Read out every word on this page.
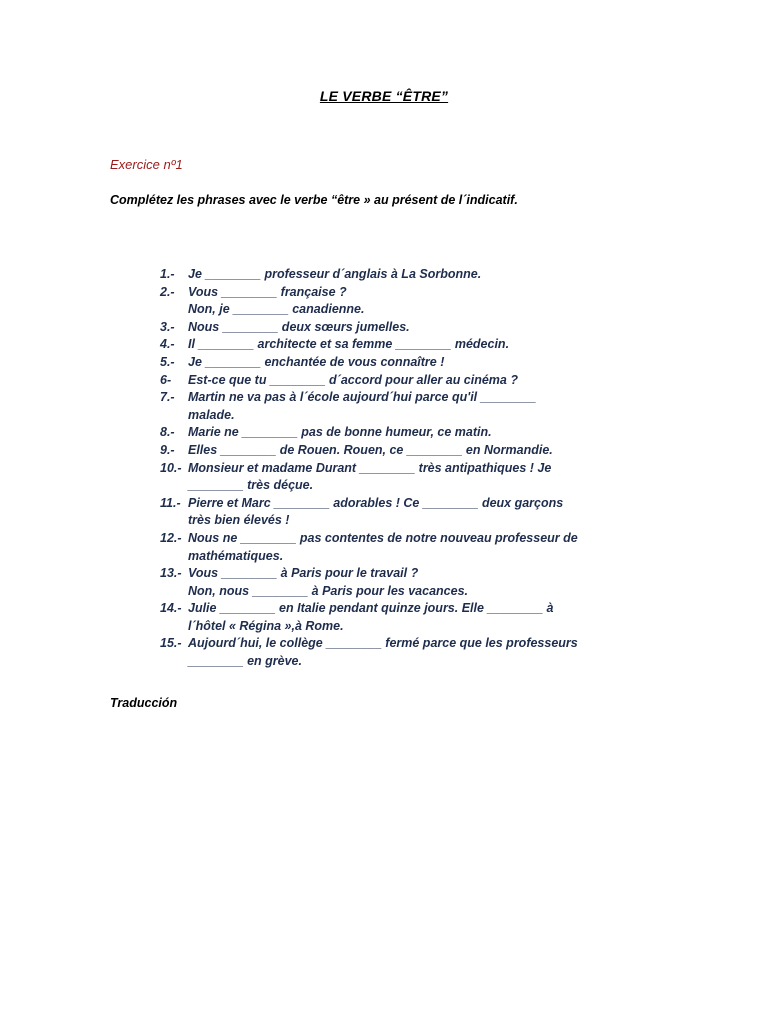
LE VERBE “ÊTRE”
Exercice nº1
Complétez les phrases avec le verbe “être » au présent de l´indicatif.
1.-	Je ________ professeur d´anglais à La Sorbonne.
2.-	Vous ________ française ?
Non, je ________ canadienne.
3.-	Nous ________ deux sœurs jumelles.
4.-	Il ________ architecte et sa femme ________ médecin.
5.-	Je ________ enchantée de vous connaître !
6-	Est-ce que tu ________ d´accord pour aller au cinéma ?
7.-	Martin ne va pas à l´école aujourd´hui parce qu'il ________
malade.
8.-	Marie ne ________ pas de bonne humeur, ce matin.
9.-	Elles ________ de Rouen. Rouen, ce ________ en Normandie.
10.- Monsieur et madame Durant ________ très antipathiques ! Je
________ très déçue.
11.- Pierre et Marc ________ adorables ! Ce ________ deux garçons
très bien élevés !
12.- Nous ne ________ pas contentes de notre nouveau professeur de
mathématiques.
13.- Vous ________ à Paris pour le travail ?
Non, nous ________ à Paris pour les vacances.
14.- Julie ________ en Italie pendant quinze jours. Elle ________ à
l´hôtel « Régina »,à Rome.
15.- Aujourd´hui, le collège ________ fermé parce que les professeurs
________ en grève.
Traducción
